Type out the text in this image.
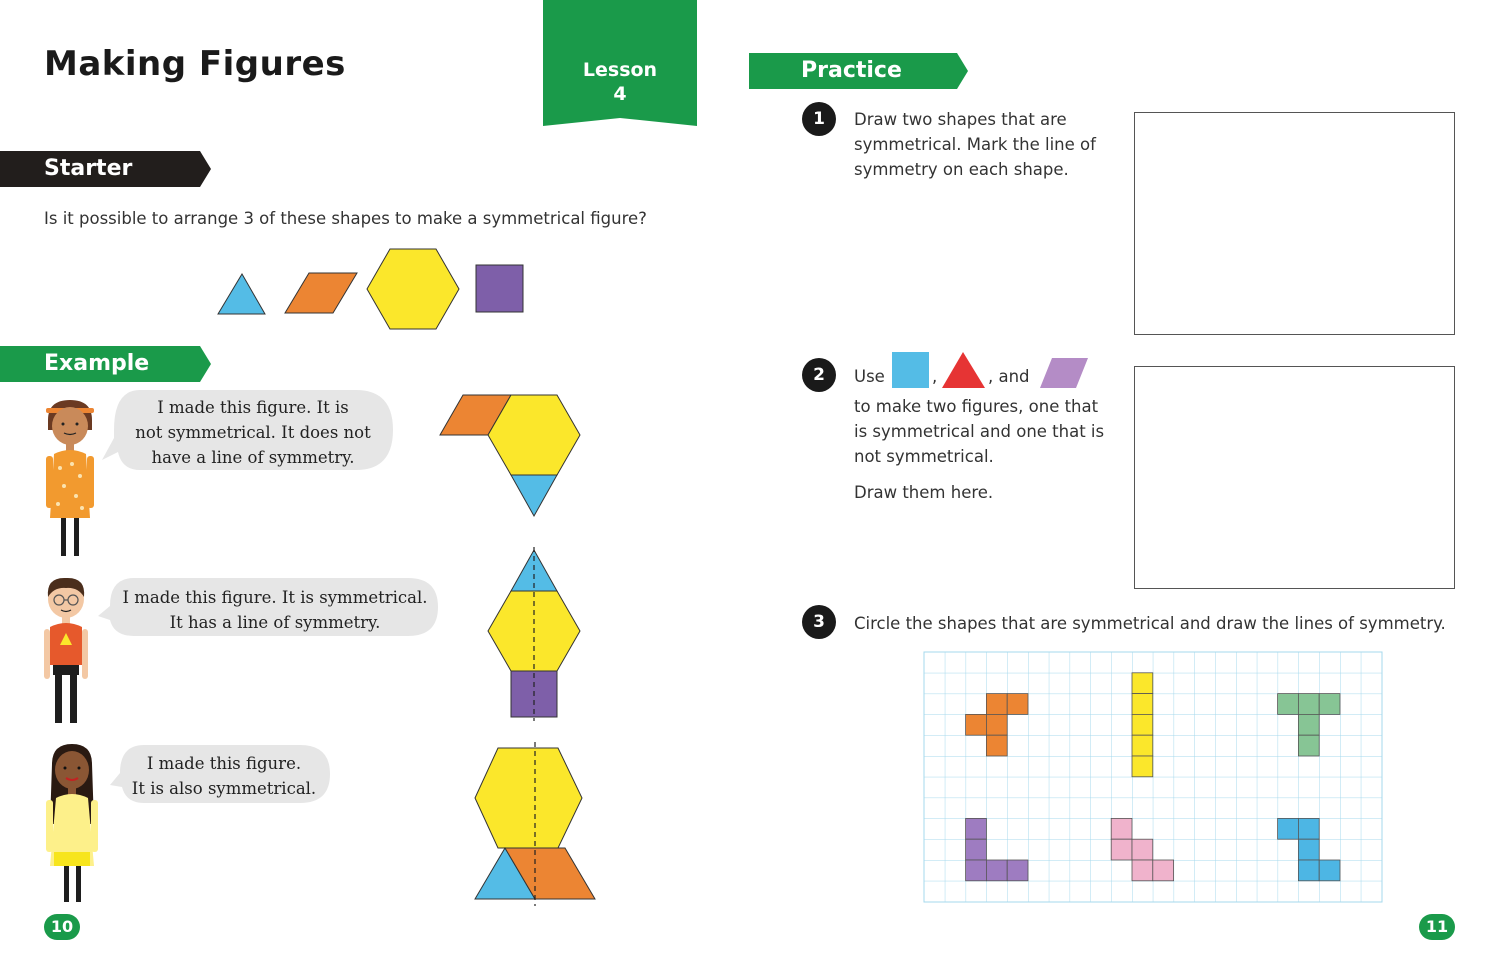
Making Figures	Lesson
4
Starter
Is it possible to arrange 3 of these shapes to make a symmetrical figure?
Example
I made this figure. It is
not symmetrical. It does not
have a line of symmetry.
I made this figure. It is symmetrical.
It has a line of symmetry.
I made this figure.
It is also symmetrical.
10
Practice
1	Draw two shapes that are
symmetrical. Mark the line of
symmetry on each shape.
2	Use	,	, and
to make two figures, one that
is symmetrical and one that is
not symmetrical.
Draw them here.
3	Circle the shapes that are symmetrical and draw the lines of symmetry.
11
